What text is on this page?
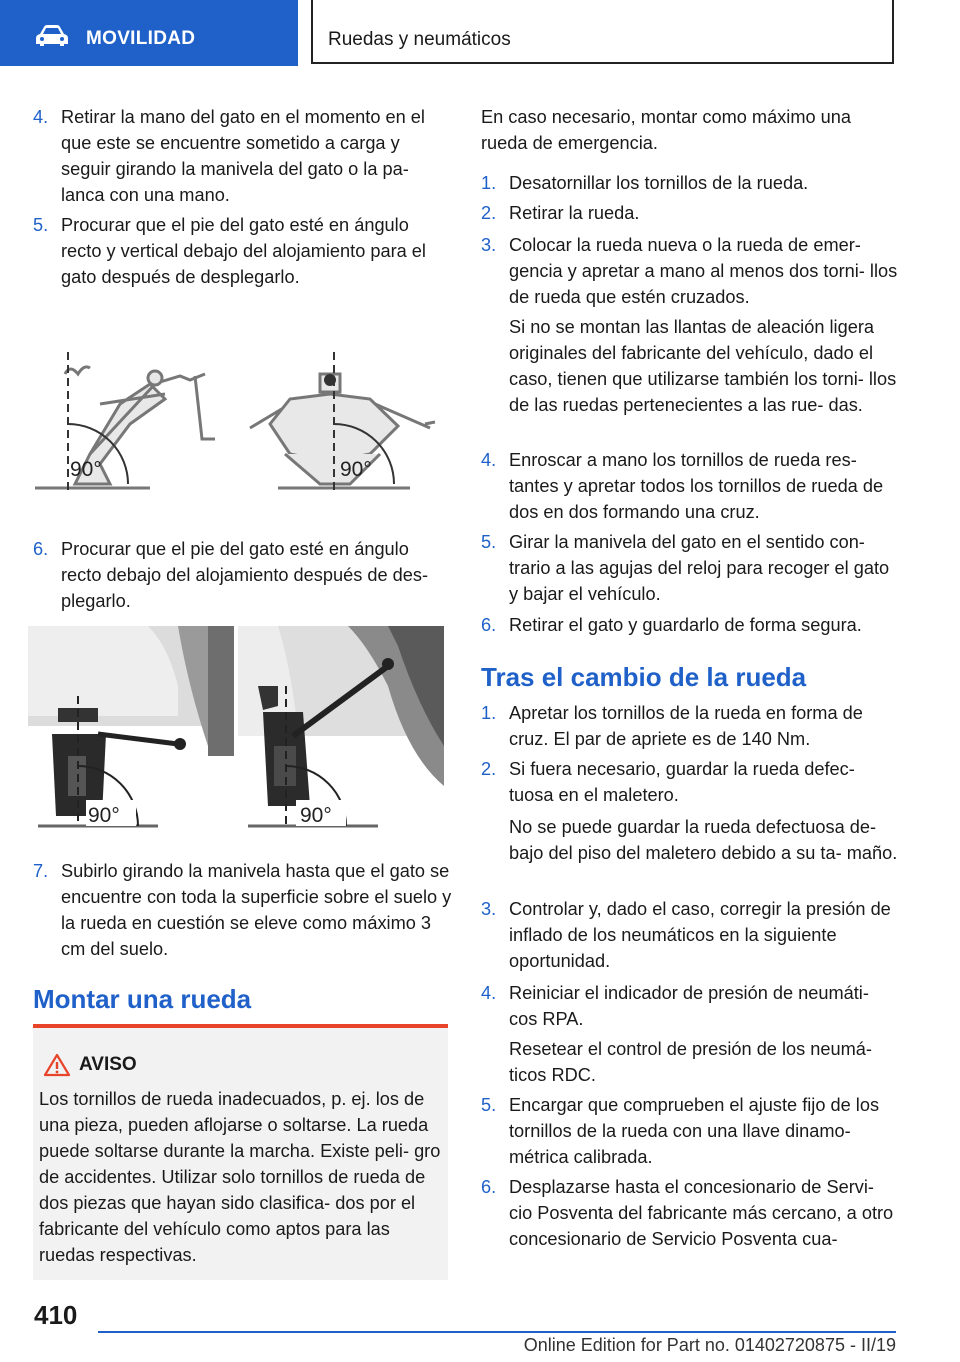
MOVILIDAD	Ruedas y neumáticos
4. Retirar la mano del gato en el momento en el que este se encuentre sometido a carga y seguir girando la manivela del gato o la pa‐ lanca con una mano.
5. Procurar que el pie del gato esté en ángulo recto y vertical debajo del alojamiento para el gato después de desplegarlo.
90°	90°
6. Procurar que el pie del gato esté en ángulo recto debajo del alojamiento después de des‐ plegarlo.
90°	90°
7. Subirlo girando la manivela hasta que el gato se encuentre con toda la superficie sobre el suelo y la rueda en cuestión se eleve como máximo 3 cm del suelo.
Montar una rueda
AVISO
Los tornillos de rueda inadecuados, p. ej. los de una pieza, pueden aflojarse o soltarse. La rueda puede soltarse durante la marcha. Existe peli‐ gro de accidentes. Utilizar solo tornillos de rueda de dos piezas que hayan sido clasifica‐ dos por el fabricante del vehículo como aptos para las ruedas respectivas.
En caso necesario, montar como máximo una rueda de emergencia.
1. Desatornillar los tornillos de la rueda.
2. Retirar la rueda.
3. Colocar la rueda nueva o la rueda de emer‐ gencia y apretar a mano al menos dos torni‐ llos de rueda que estén cruzados.
Si no se montan las llantas de aleación ligera originales del fabricante del vehículo, dado el caso, tienen que utilizarse también los torni‐ llos de las ruedas pertenecientes a las rue‐ das.
4. Enroscar a mano los tornillos de rueda res‐ tantes y apretar todos los tornillos de rueda de dos en dos formando una cruz.
5. Girar la manivela del gato en el sentido con‐ trario a las agujas del reloj para recoger el gato y bajar el vehículo.
6. Retirar el gato y guardarlo de forma segura.
Tras el cambio de la rueda
1. Apretar los tornillos de la rueda en forma de cruz. El par de apriete es de 140 Nm.
2. Si fuera necesario, guardar la rueda defec‐ tuosa en el maletero.
No se puede guardar la rueda defectuosa de‐ bajo del piso del maletero debido a su ta‐ maño.
3. Controlar y, dado el caso, corregir la presión de inflado de los neumáticos en la siguiente oportunidad.
4. Reiniciar el indicador de presión de neumáti‐ cos RPA.
Resetear el control de presión de los neumá‐ ticos RDC.
5. Encargar que comprueben el ajuste fijo de los tornillos de la rueda con una llave dinamo‐ métrica calibrada.
6. Desplazarse hasta el concesionario de Servi‐ cio Posventa del fabricante más cercano, a otro concesionario de Servicio Posventa cua‐
410
Online Edition for Part no. 01402720875 - II/19
